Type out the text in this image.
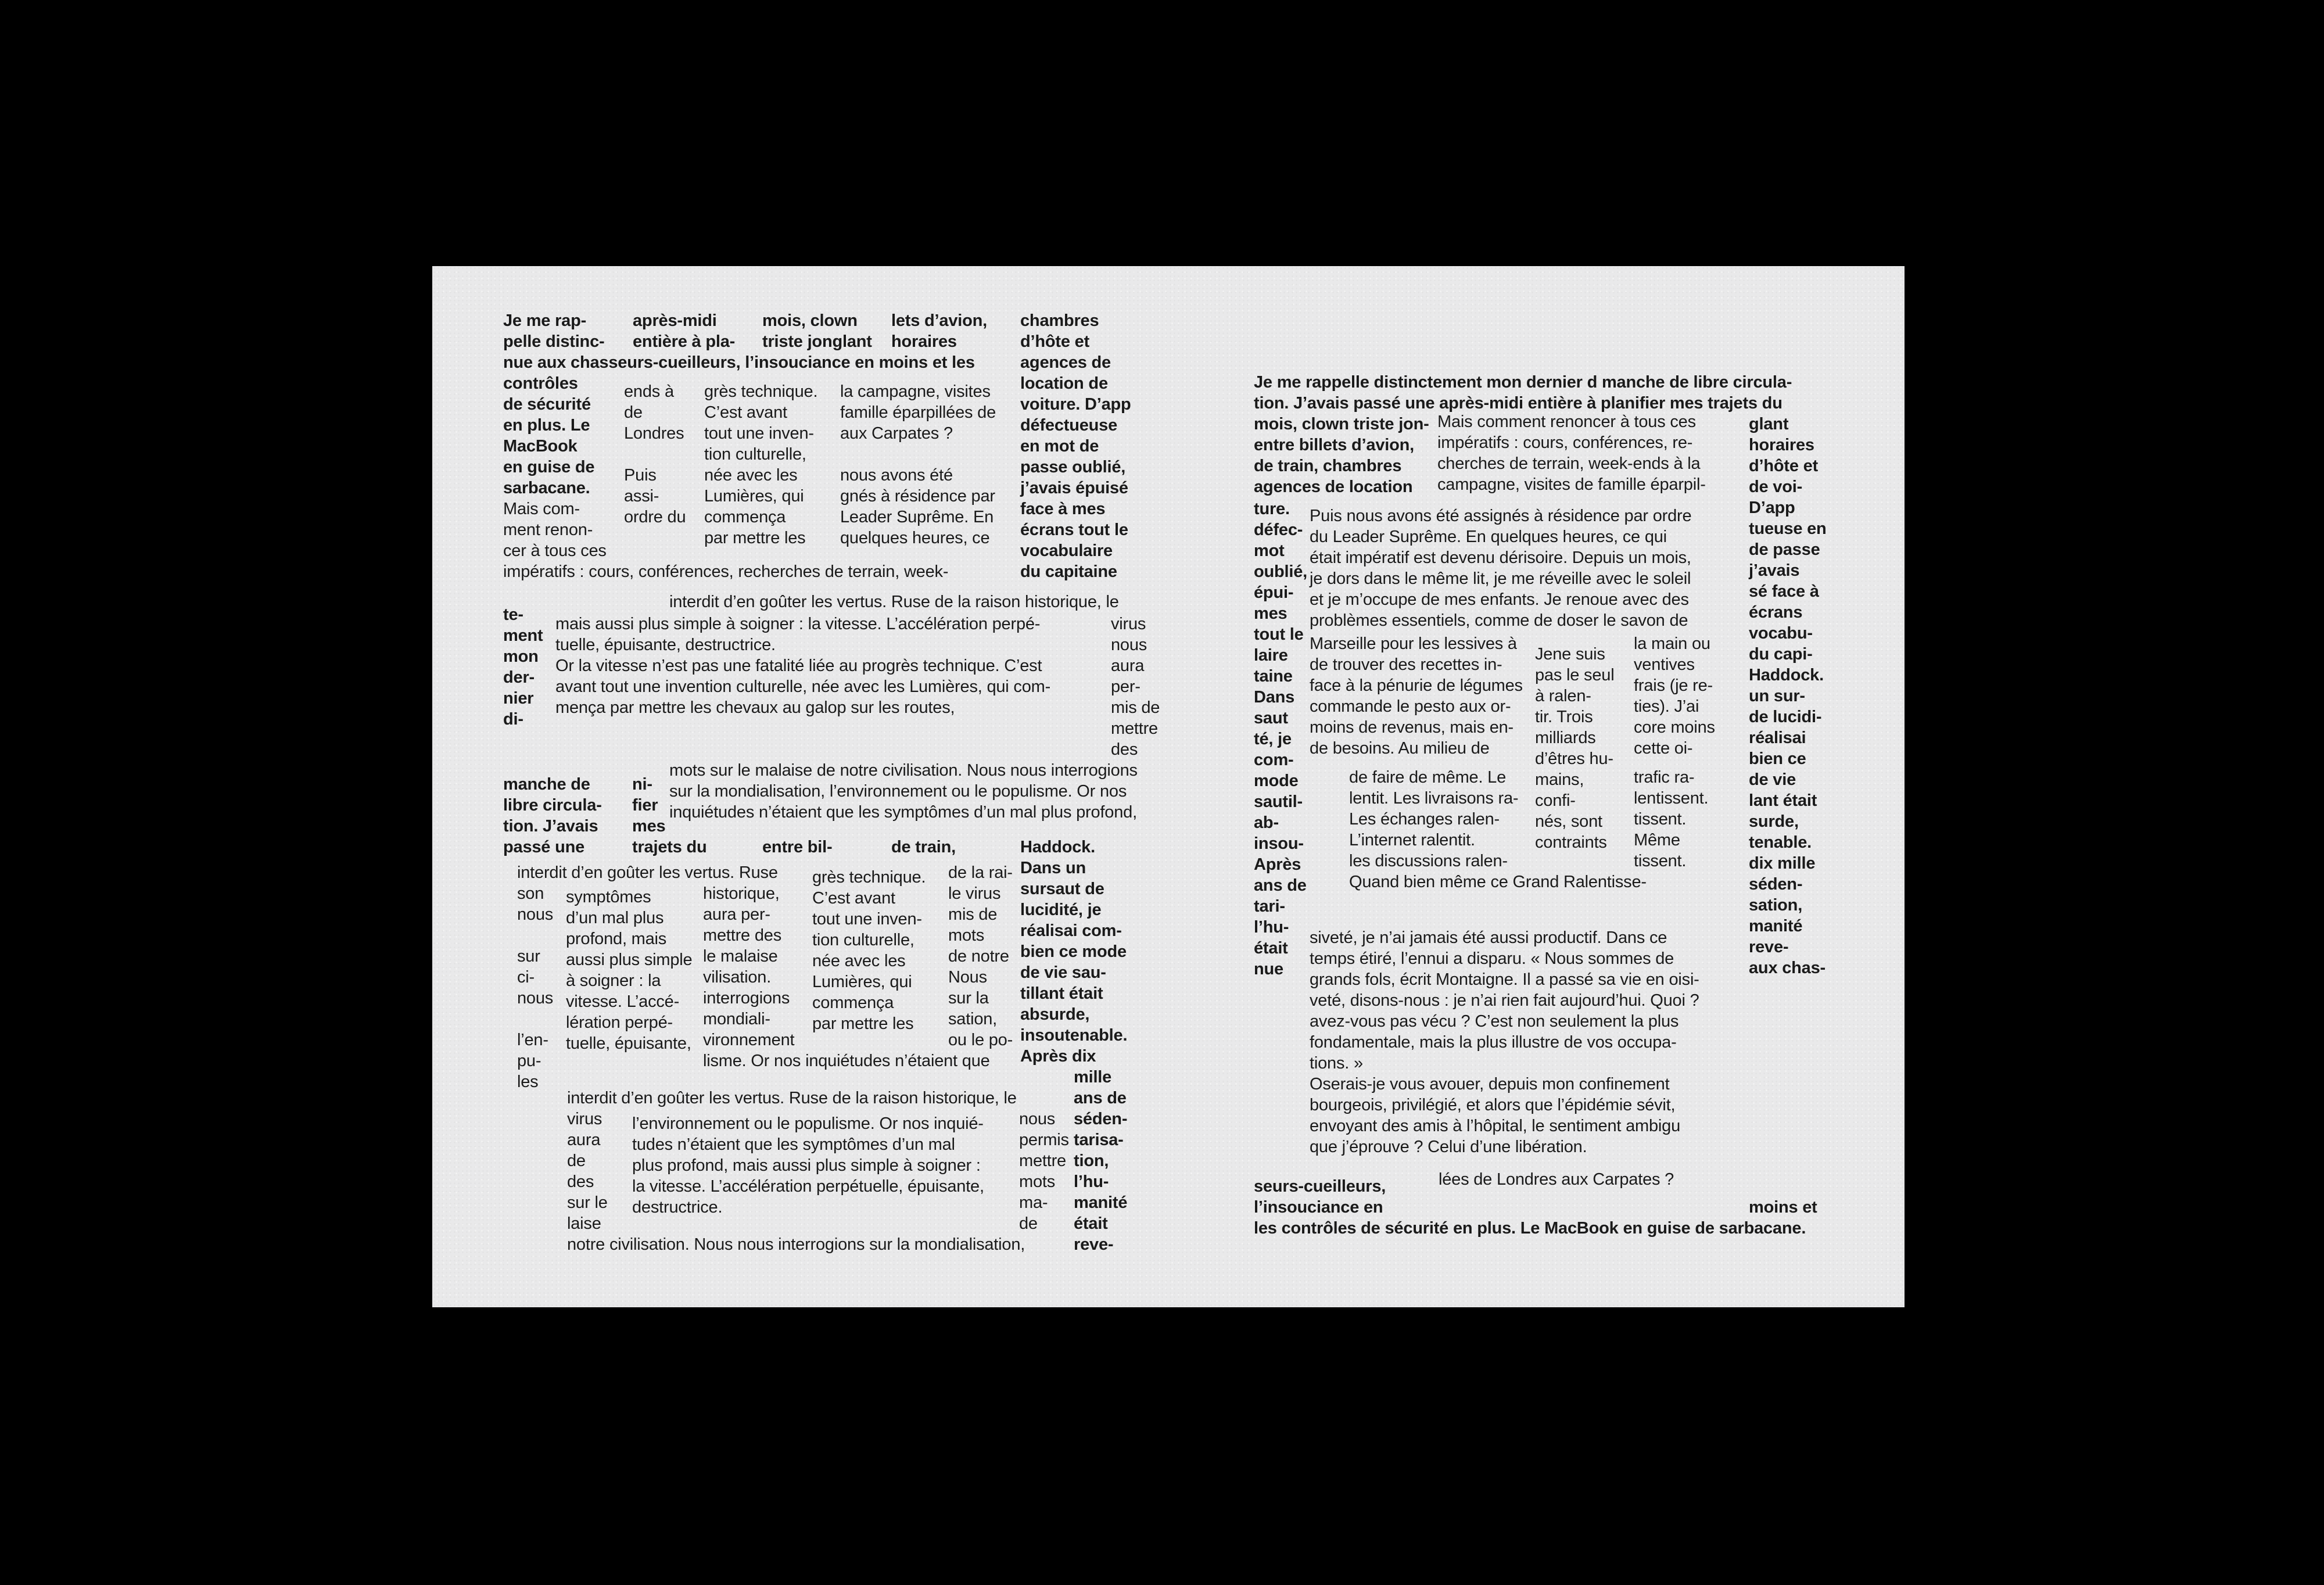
Je me rap-
pelle distinc-
nue aux chasseurs-cueilleurs, l’insouciance en moins et les
contrôles
de sécurité
en plus. Le
MacBook
en guise de
sarbacane.

après-midi
entière à pla-

mois, clown
triste jonglant

lets d’avion,
horaires

chambres
d’hôte et
agences de
location de
voiture. D’app
défectueuse
en mot de
passe oublié,
j’avais épuisé
face à mes
écrans tout le
vocabulaire
du capitaine

Mais com-
ment renon-
cer à tous ces
impératifs : cours, conférences, recherches de terrain, week-

ends à
de
Londres

Puis
assi-
ordre du

grès technique.
C’est avant
tout une inven-
tion culturelle,
née avec les
Lumières, qui
commença
par mettre les

la campagne, visites
famille éparpillées de
aux Carpates ?

nous avons été
gnés à résidence par
Leader Suprême. En
quelques heures, ce

interdit d’en goûter les vertus. Ruse de la raison historique, le

te-
ment
mon
der-
nier
di-

mais aussi plus simple à soigner : la vitesse. L’accélération perpé-
tuelle, épuisante, destructrice.
Or la vitesse n’est pas une fatalité liée au progrès technique. C’est
avant tout une invention culturelle, née avec les Lumières, qui com-
mença par mettre les chevaux au galop sur les routes,

virus
nous
aura
per-
mis de
mettre
des

manche de
libre circula-
tion. J’avais
passé une

ni-
fier
mes
trajets du

mots sur le malaise de notre civilisation. Nous nous interrogions
sur la mondialisation, l’environnement ou le populisme. Or nos
inquiétudes n’étaient que les symptômes d’un mal plus profond,

entre bil-	de train,	Haddock.
Dans un
sursaut de
lucidité, je
réalisai com-
bien ce mode
de vie sau-
tillant était
absurde,
insoutenable.
Après dix

interdit d’en goûter les vertus. Ruse

son
nous

sur
ci-
nous

l’en-
pu-
les

symptômes
d’un mal plus
profond, mais
aussi plus simple
à soigner : la
vitesse. L’accé-
lération perpé-
tuelle, épuisante,

historique,
aura per-
mettre des
le malaise
vilisation.
interrogions
mondiali-
vironnement
lisme. Or nos inquiétudes n’étaient que

grès technique.
C’est avant
tout une inven-
tion culturelle,
née avec les
Lumières, qui
commença
par mettre les

de la rai-
le virus
mis de
mots
de notre
Nous
sur la
sation,
ou le po-

mille
ans de
séden-
tarisa-
tion,
l’hu-
manité
était
reve-

interdit d’en goûter les vertus. Ruse de la raison historique, le

virus
aura
de
des
sur le
laise

l’environnement ou le populisme. Or nos inquié-
tudes n’étaient que les symptômes d’un mal
plus profond, mais aussi plus simple à soigner :
la vitesse. L’accélération perpétuelle, épuisante,
destructrice.

nous
permis
mettre
mots
ma-
de

notre civilisation. Nous nous interrogions sur la mondialisation,

Je me rappelle distinctement mon dernier d manche de libre circula-
tion. J’avais passé une après-midi entière à planifier mes trajets du

mois, clown triste jon-
entre billets d’avion,
de train, chambres
agences de location

Mais comment renoncer à tous ces
impératifs : cours, conférences, re-
cherches de terrain, week-ends à la
campagne, visites de famille éparpil-

glant
horaires
d’hôte et
de voi-
D’app
tueuse en
de passe
j’avais
sé face à
écrans
vocabu-
du capi-
Haddock.
un sur-
de lucidi-
réalisai
bien ce
de vie
lant était
surde,
tenable.
dix mille
séden-
sation,
manité
reve-
aux chas-

ture.
défec-
mot
oublié,
épui-
mes
tout le
laire
taine
Dans
saut
té, je
com-
mode
sautil-
ab-
insou-
Après
ans de
tari-
l’hu-
était
nue

Puis nous avons été assignés à résidence par ordre
du Leader Suprême. En quelques heures, ce qui
était impératif est devenu dérisoire. Depuis un mois,
je dors dans le même lit, je me réveille avec le soleil
et je m’occupe de mes enfants. Je renoue avec des
problèmes essentiels, comme de doser le savon de

Marseille pour les lessives à
de trouver des recettes in-
face à la pénurie de légumes
commande le pesto aux or-
moins de revenus, mais en-
de besoins. Au milieu de

Jene suis
pas le seul
à ralen-
tir. Trois
milliards
d’êtres hu-
mains,
confi-
nés, sont
contraints

la main ou
ventives
frais (je re-
ties). J’ai
core moins
cette oi-

de faire de même. Le
lentit. Les livraisons ra-
Les échanges ralen-
L’internet ralentit.
les discussions ralen-
Quand bien même ce Grand Ralentisse-

trafic ra-
lentissent.
tissent.
Même
tissent.

siveté, je n’ai jamais été aussi productif. Dans ce
temps étiré, l’ennui a disparu. « Nous sommes de
grands fols, écrit Montaigne. Il a passé sa vie en oisi-
veté, disons-nous : je n’ai rien fait aujourd’hui. Quoi ?
avez-vous pas vécu ? C’est non seulement la plus
fondamentale, mais la plus illustre de vos occupa-
tions. »
Oserais-je vous avouer, depuis mon confinement
bourgeois, privilégié, et alors que l’épidémie sévit,
envoyant des amis à l’hôpital, le sentiment ambigu
que j’éprouve ? Celui d’une libération.

lées de Londres aux Carpates ?

seurs-cueilleurs,
l’insouciance en
les contrôles de sécurité en plus. Le MacBook en guise de sarbacane.

moins et
